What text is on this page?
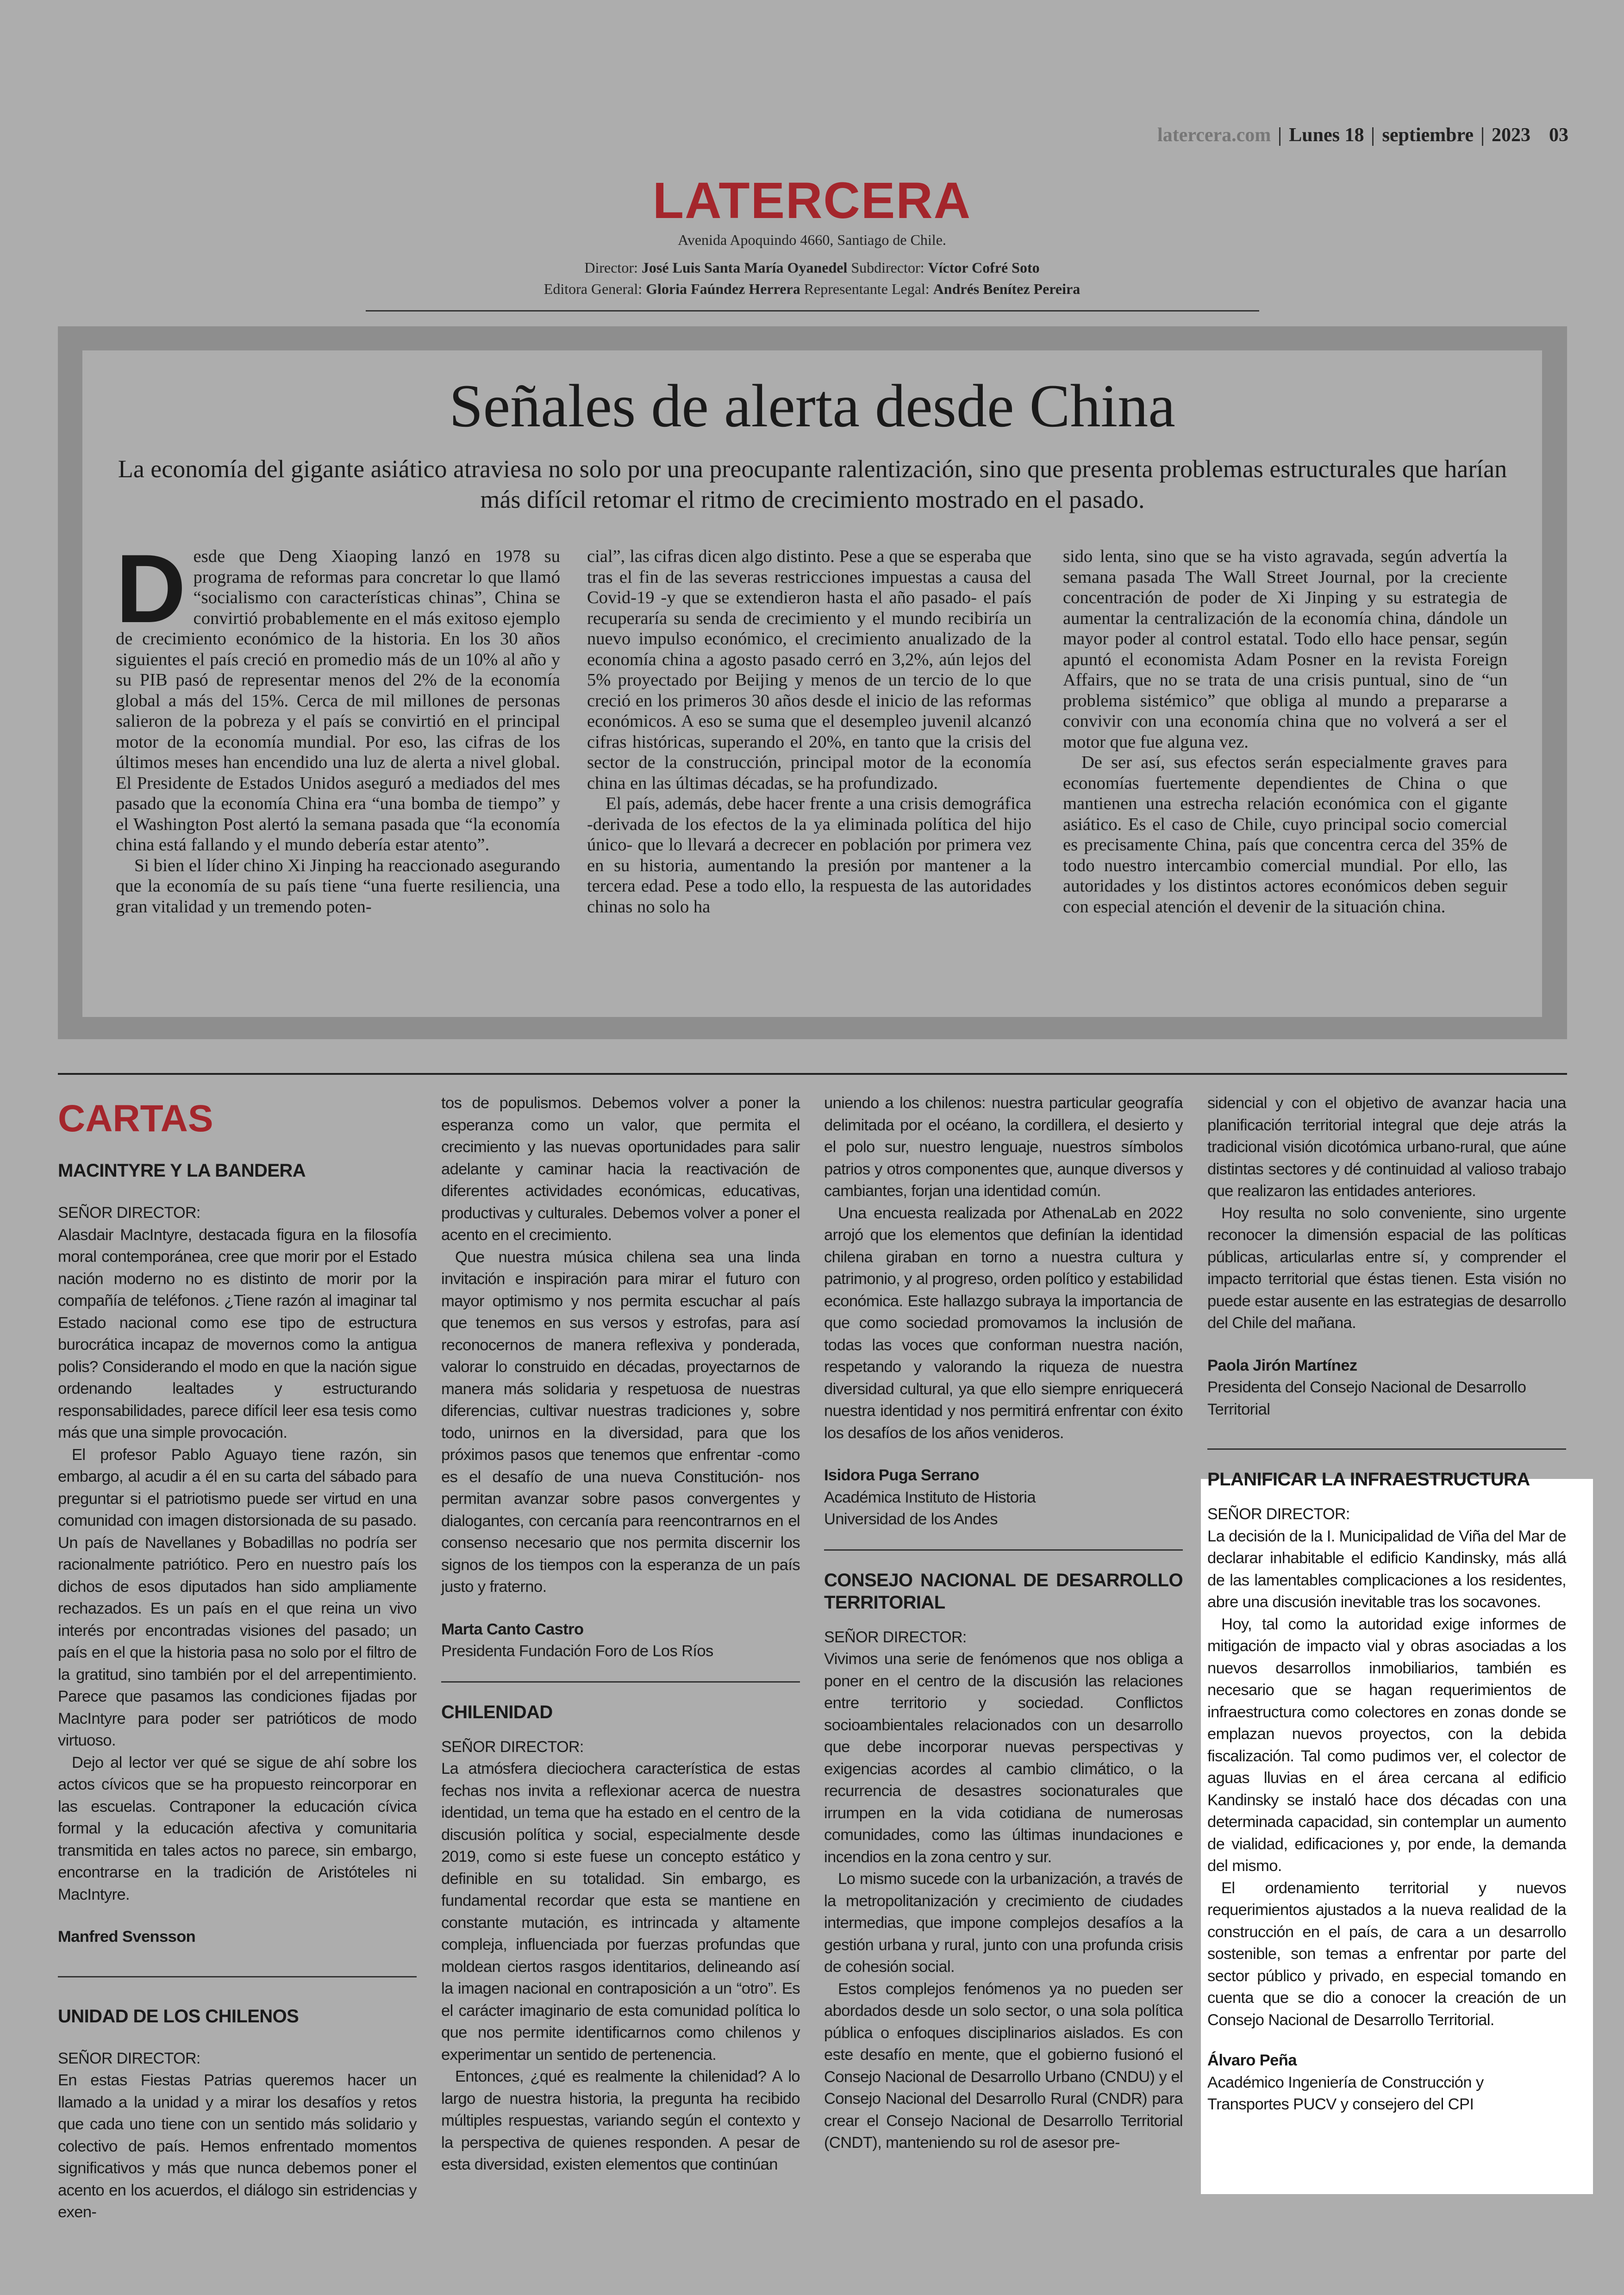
latercera.com Lunes 18 septiembre 2023 03
LATERCERA
Avenida Apoquindo 4660, Santiago de Chile.
Director: José Luis Santa María Oyanedel Subdirector: Víctor Cofré Soto
Editora General: Gloria Faúndez Herrera Representante Legal: Andrés Benítez Pereira
Señales de alerta desde China
La economía del gigante asiático atraviesa no solo por una preocupante ralentización, sino que presenta problemas estructurales que harían más difícil retomar el ritmo de crecimiento mostrado en el pasado.

Desde que Deng Xiaoping lanzó en 1978 su programa de reformas para concretar lo que llamó “socialismo con características chinas”, China se convirtió probablemente en el más exitoso ejemplo de crecimiento económico de la historia. En los 30 años siguientes el país creció en promedio más de un 10% al año y su PIB pasó de representar menos del 2% de la economía global a más del 15%. Cerca de mil millones de personas salieron de la pobreza y el país se convirtió en el principal motor de la economía mundial. Por eso, las cifras de los últimos meses han encendido una luz de alerta a nivel global. El Presidente de Estados Unidos aseguró a mediados del mes pasado que la economía China era “una bomba de tiempo” y el Washington Post alertó la semana pasada que “la economía china está fallando y el mundo debería estar atento”.

Si bien el líder chino Xi Jinping ha reaccionado asegurando que la economía de su país tiene “una fuerte resiliencia, una gran vitalidad y un tremendo poten-

cial”, las cifras dicen algo distinto. Pese a que se esperaba que tras el fin de las severas restricciones impuestas a causa del Covid-19 -y que se extendieron hasta el año pasado- el país recuperaría su senda de crecimiento y el mundo recibiría un nuevo impulso económico, el crecimiento anualizado de la economía china a agosto pasado cerró en 3,2%, aún lejos del 5% proyectado por Beijing y menos de un tercio de lo que creció en los primeros 30 años desde el inicio de las reformas económicos. A eso se suma que el desempleo juvenil alcanzó cifras históricas, superando el 20%, en tanto que la crisis del sector de la construcción, principal motor de la economía china en las últimas décadas, se ha profundizado.

El país, además, debe hacer frente a una crisis demográfica -derivada de los efectos de la ya eliminada política del hijo único- que lo llevará a decrecer en población por primera vez en su historia, aumentando la presión por mantener a la tercera edad. Pese a todo ello, la respuesta de las autoridades chinas no solo ha

sido lenta, sino que se ha visto agravada, según advertía la semana pasada The Wall Street Journal, por la creciente concentración de poder de Xi Jinping y su estrategia de aumentar la centralización de la economía china, dándole un mayor poder al control estatal. Todo ello hace pensar, según apuntó el economista Adam Posner en la revista Foreign Affairs, que no se trata de una crisis puntual, sino de “un problema sistémico” que obliga al mundo a prepararse a convivir con una economía china que no volverá a ser el motor que fue alguna vez.

De ser así, sus efectos serán especialmente graves para economías fuertemente dependientes de China o que mantienen una estrecha relación económica con el gigante asiático. Es el caso de Chile, cuyo principal socio comercial es precisamente China, país que concentra cerca del 35% de todo nuestro intercambio comercial mundial. Por ello, las autoridades y los distintos actores económicos deben seguir con especial atención el devenir de la situación china.

CARTAS
MACINTYRE Y LA BANDERA

SEÑOR DIRECTOR:

Alasdair MacIntyre, destacada figura en la filosofía moral contemporánea, cree que morir por el Estado nación moderno no es distinto de morir por la compañía de teléfonos. ¿Tiene razón al imaginar tal Estado nacional como ese tipo de estructura burocrática incapaz de movernos como la antigua polis? Considerando el modo en que la nación sigue ordenando lealtades y estructurando responsabilidades, parece difícil leer esa tesis como más que una simple provocación.

El profesor Pablo Aguayo tiene razón, sin embargo, al acudir a él en su carta del sábado para preguntar si el patriotismo puede ser virtud en una comunidad con imagen distorsionada de su pasado. Un país de Navellanes y Bobadillas no podría ser racionalmente patriótico. Pero en nuestro país los dichos de esos diputados han sido ampliamente rechazados. Es un país en el que reina un vivo interés por encontradas visiones del pasado; un país en el que la historia pasa no solo por el filtro de la gratitud, sino también por el del arrepentimiento. Parece que pasamos las condiciones fijadas por MacIntyre para poder ser patrióticos de modo virtuoso.

Dejo al lector ver qué se sigue de ahí sobre los actos cívicos que se ha propuesto reincorporar en las escuelas. Contraponer la educación cívica formal y la educación afectiva y comunitaria transmitida en tales actos no parece, sin embargo, encontrarse en la tradición de Aristóteles ni MacIntyre.

Manfred Svensson

UNIDAD DE LOS CHILENOS

SEÑOR DIRECTOR:

En estas Fiestas Patrias queremos hacer un llamado a la unidad y a mirar los desafíos y retos que cada uno tiene con un sentido más solidario y colectivo de país. Hemos enfrentado momentos significativos y más que nunca debemos poner el acento en los acuerdos, el diálogo sin estridencias y exen-

tos de populismos. Debemos volver a poner la esperanza como un valor, que permita el crecimiento y las nuevas oportunidades para salir adelante y caminar hacia la reactivación de diferentes actividades económicas, educativas, productivas y culturales. Debemos volver a poner el acento en el crecimiento.

Que nuestra música chilena sea una linda invitación e inspiración para mirar el futuro con mayor optimismo y nos permita escuchar al país que tenemos en sus versos y estrofas, para así reconocernos de manera reflexiva y ponderada, valorar lo construido en décadas, proyectarnos de manera más solidaria y respetuosa de nuestras diferencias, cultivar nuestras tradiciones y, sobre todo, unirnos en la diversidad, para que los próximos pasos que tenemos que enfrentar -como es el desafío de una nueva Constitución- nos permitan avanzar sobre pasos convergentes y dialogantes, con cercanía para reencontrarnos en el consenso necesario que nos permita discernir los signos de los tiempos con la esperanza de un país justo y fraterno.

Marta Canto Castro

Presidenta Fundación Foro de Los Ríos

CHILENIDAD

SEÑOR DIRECTOR:

La atmósfera dieciochera característica de estas fechas nos invita a reflexionar acerca de nuestra identidad, un tema que ha estado en el centro de la discusión política y social, especialmente desde 2019, como si este fuese un concepto estático y definible en su totalidad. Sin embargo, es fundamental recordar que esta se mantiene en constante mutación, es intrincada y altamente compleja, influenciada por fuerzas profundas que moldean ciertos rasgos identitarios, delineando así la imagen nacional en contraposición a un “otro”. Es el carácter imaginario de esta comunidad política lo que nos permite identificarnos como chilenos y experimentar un sentido de pertenencia.

Entonces, ¿qué es realmente la chilenidad? A lo largo de nuestra historia, la pregunta ha recibido múltiples respuestas, variando según el contexto y la perspectiva de quienes responden. A pesar de esta diversidad, existen elementos que continúan

uniendo a los chilenos: nuestra particular geografía delimitada por el océano, la cordillera, el desierto y el polo sur, nuestro lenguaje, nuestros símbolos patrios y otros componentes que, aunque diversos y cambiantes, forjan una identidad común.

Una encuesta realizada por AthenaLab en 2022 arrojó que los elementos que definían la identidad chilena giraban en torno a nuestra cultura y patrimonio, y al progreso, orden político y estabilidad económica. Este hallazgo subraya la importancia de que como sociedad promovamos la inclusión de todas las voces que conforman nuestra nación, respetando y valorando la riqueza de nuestra diversidad cultural, ya que ello siempre enriquecerá nuestra identidad y nos permitirá enfrentar con éxito los desafíos de los años venideros.

Isidora Puga Serrano

Académica Instituto de Historia

Universidad de los Andes

CONSEJO NACIONAL DE DESARROLLO TERRITORIAL

SEÑOR DIRECTOR:

Vivimos una serie de fenómenos que nos obliga a poner en el centro de la discusión las relaciones entre territorio y sociedad. Conflictos socioambientales relacionados con un desarrollo que debe incorporar nuevas perspectivas y exigencias acordes al cambio climático, o la recurrencia de desastres socionaturales que irrumpen en la vida cotidiana de numerosas comunidades, como las últimas inundaciones e incendios en la zona centro y sur.

Lo mismo sucede con la urbanización, a través de la metropolitanización y crecimiento de ciudades intermedias, que impone complejos desafíos a la gestión urbana y rural, junto con una profunda crisis de cohesión social.

Estos complejos fenómenos ya no pueden ser abordados desde un solo sector, o una sola política pública o enfoques disciplinarios aislados. Es con este desafío en mente, que el gobierno fusionó el Consejo Nacional de Desarrollo Urbano (CNDU) y el Consejo Nacional del Desarrollo Rural (CNDR) para crear el Consejo Nacional de Desarrollo Territorial (CNDT), manteniendo su rol de asesor pre-

sidencial y con el objetivo de avanzar hacia una planificación territorial integral que deje atrás la tradicional visión dicotómica urbano-rural, que aúne distintas sectores y dé continuidad al valioso trabajo que realizaron las entidades anteriores.

Hoy resulta no solo conveniente, sino urgente reconocer la dimensión espacial de las políticas públicas, articularlas entre sí, y comprender el impacto territorial que éstas tienen. Esta visión no puede estar ausente en las estrategias de desarrollo del Chile del mañana.

Paola Jirón Martínez

Presidenta del Consejo Nacional de Desarrollo Territorial

PLANIFICAR LA INFRAESTRUCTURA

SEÑOR DIRECTOR:

La decisión de la I. Municipalidad de Viña del Mar de declarar inhabitable el edificio Kandinsky, más allá de las lamentables complicaciones a los residentes, abre una discusión inevitable tras los socavones.

Hoy, tal como la autoridad exige informes de mitigación de impacto vial y obras asociadas a los nuevos desarrollos inmobiliarios, también es necesario que se hagan requerimientos de infraestructura como colectores en zonas donde se emplazan nuevos proyectos, con la debida fiscalización. Tal como pudimos ver, el colector de aguas lluvias en el área cercana al edificio Kandinsky se instaló hace dos décadas con una determinada capacidad, sin contemplar un aumento de vialidad, edificaciones y, por ende, la demanda del mismo.

El ordenamiento territorial y nuevos requerimientos ajustados a la nueva realidad de la construcción en el país, de cara a un desarrollo sostenible, son temas a enfrentar por parte del sector público y privado, en especial tomando en cuenta que se dio a conocer la creación de un Consejo Nacional de Desarrollo Territorial.

Álvaro Peña

Académico Ingeniería de Construcción y Transportes PUCV y consejero del CPI
